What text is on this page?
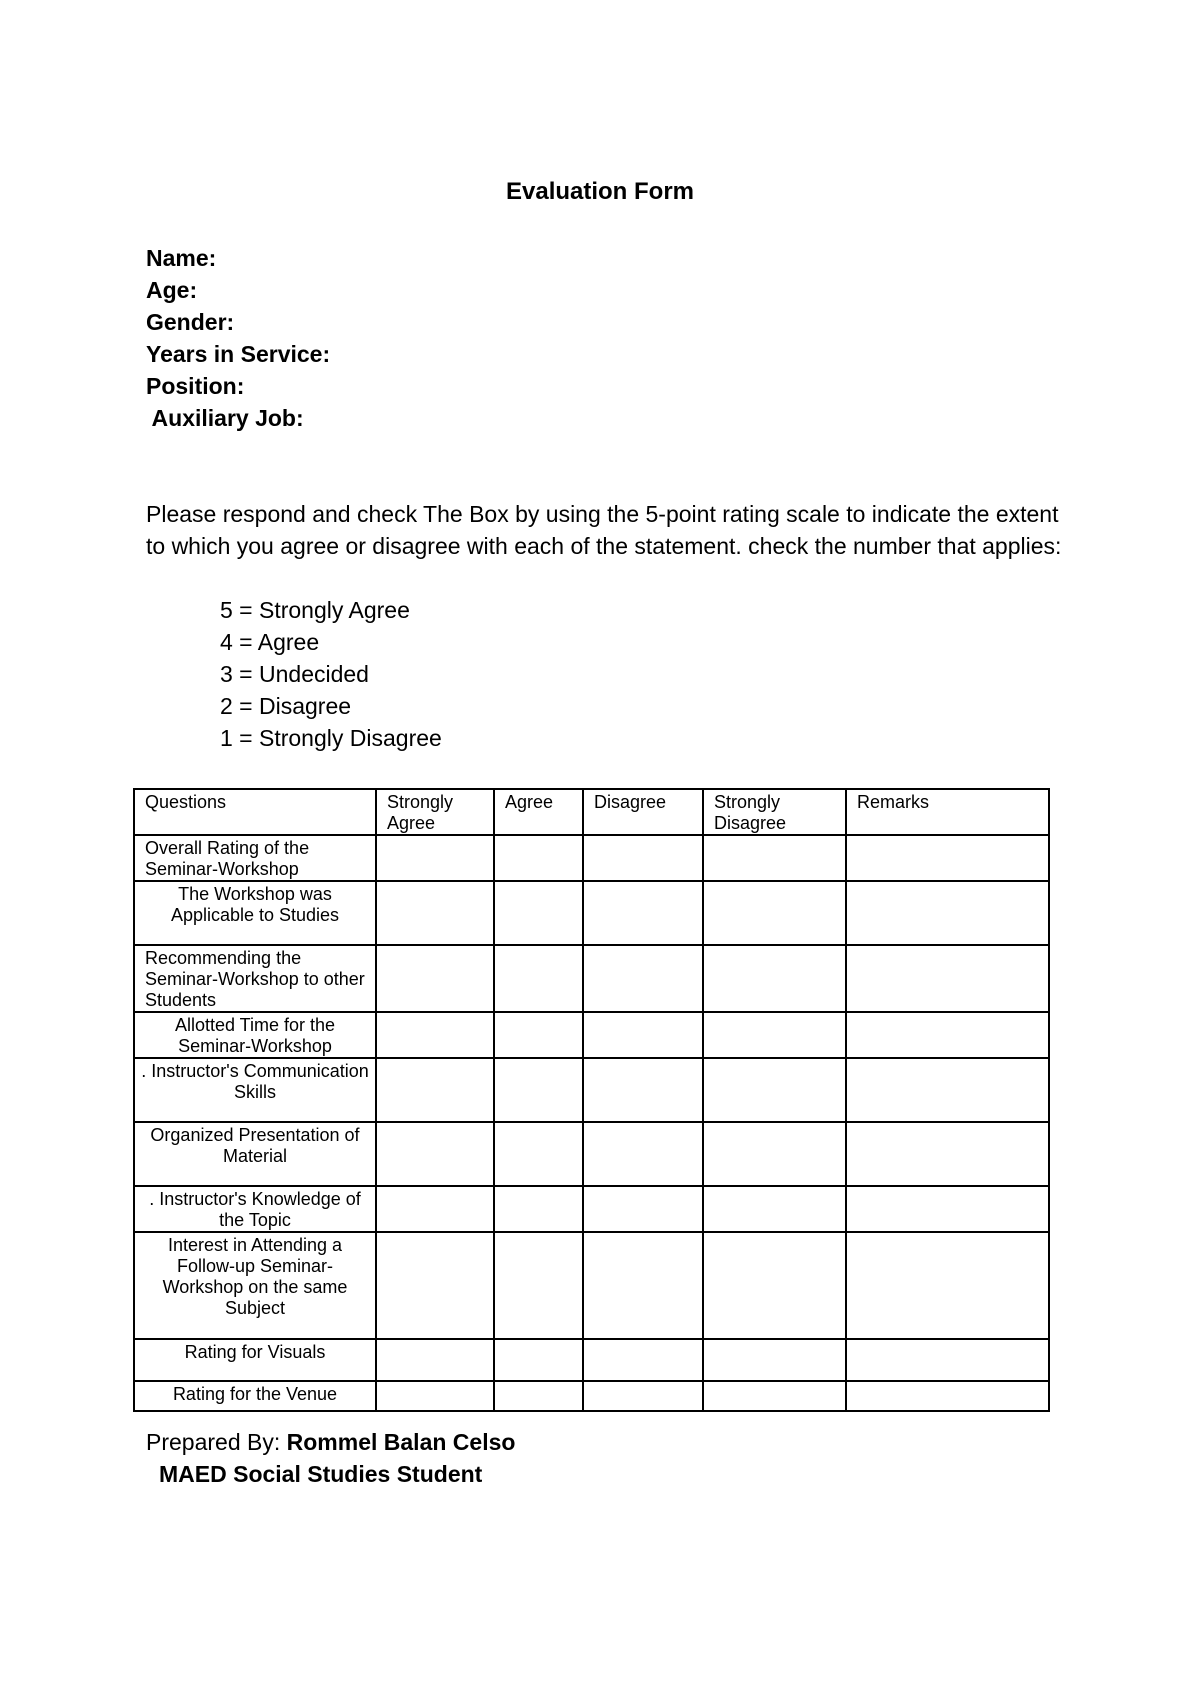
Evaluation Form
Name:
Age:
Gender:
Years in Service:
Position:
Auxiliary Job:
Please respond and check The Box by using the 5-point rating scale to indicate the extent to which you agree or disagree with each of the statement. check the number that applies:
5 = Strongly Agree
4 = Agree
3 = Undecided
2 = Disagree
1 = Strongly Disagree
Questions	Strongly Agree	Agree	Disagree	Strongly Disagree	Remarks
Overall Rating of the Seminar-Workshop					
The Workshop was Applicable to Studies					
Recommending the Seminar-Workshop to other Students					
Allotted Time for the Seminar-Workshop					
. Instructor's Communication Skills					
Organized Presentation of Material					
. Instructor's Knowledge of the Topic					
Interest in Attending a Follow-up Seminar-Workshop on the same Subject					
Rating for Visuals					
Rating for the Venue					
Prepared By: Rommel Balan Celso
MAED Social Studies Student
